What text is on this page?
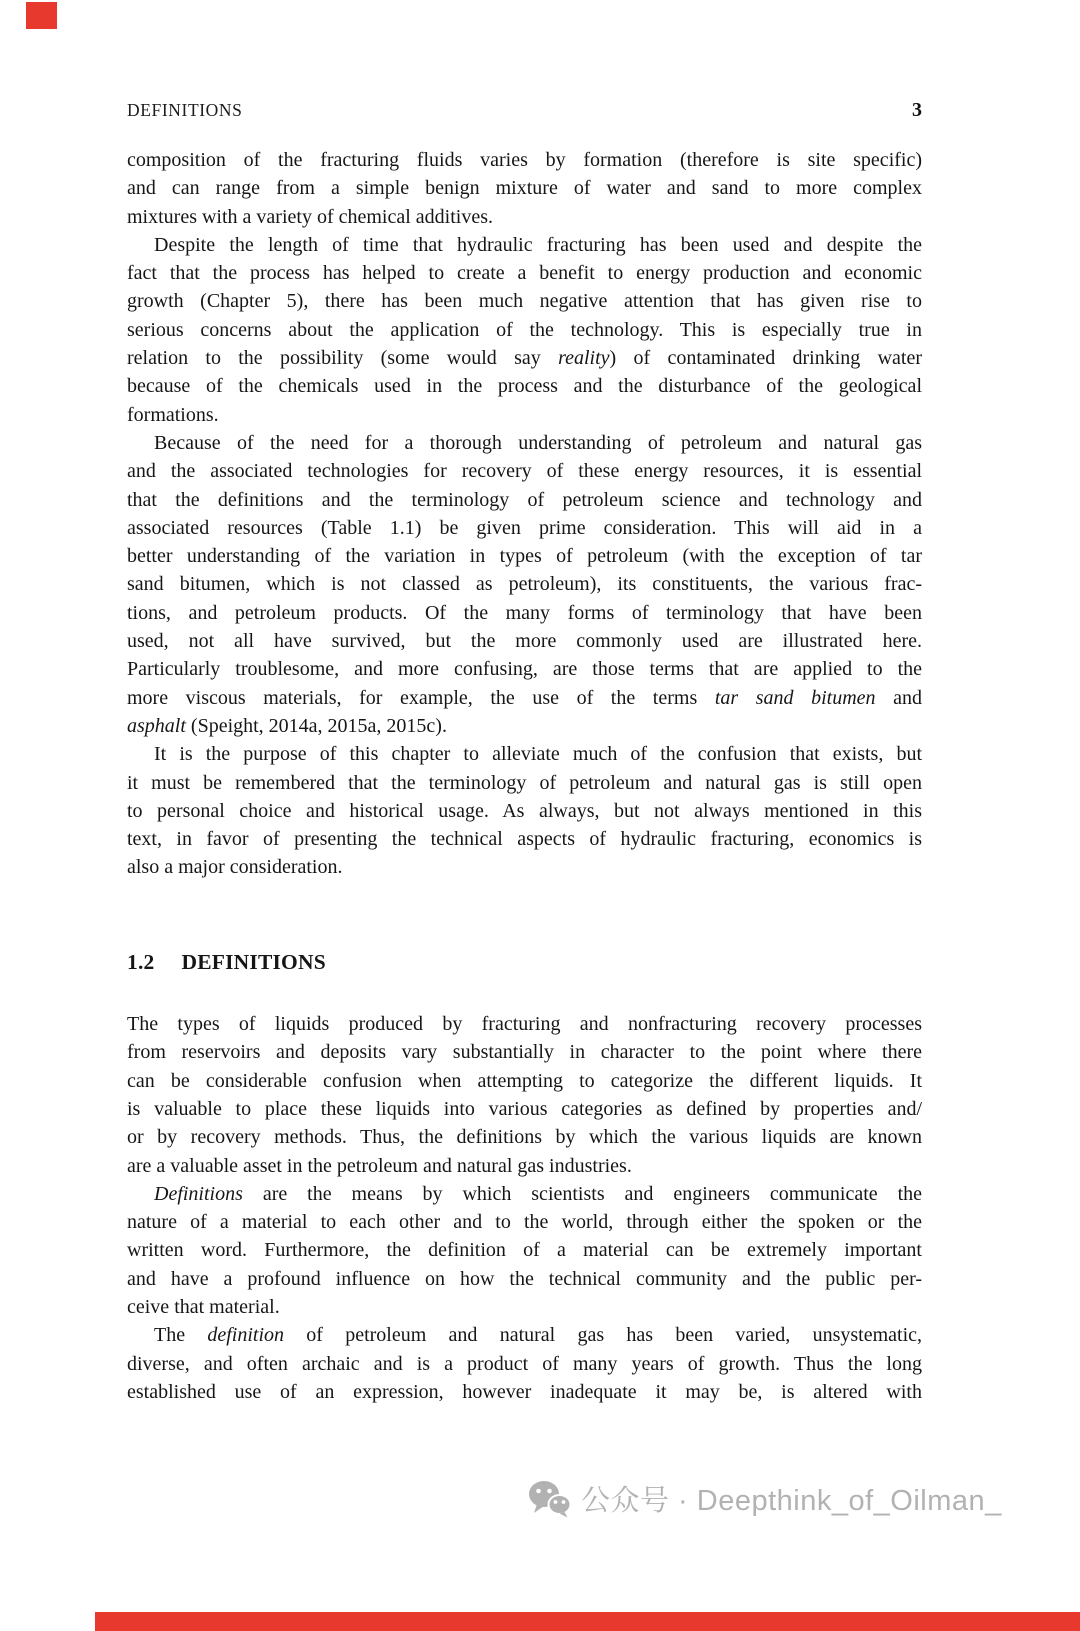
DEFINITIONS	3
composition of the fracturing fluids varies by formation (therefore is site specific)
and can range from a simple benign mixture of water and sand to more complex
mixtures with a variety of chemical additives.
Despite the length of time that hydraulic fracturing has been used and despite the
fact that the process has helped to create a benefit to energy production and economic
growth (Chapter 5), there has been much negative attention that has given rise to
serious concerns about the application of the technology. This is especially true in
relation to the possibility (some would say reality) of contaminated drinking water
because of the chemicals used in the process and the disturbance of the geological
formations.
Because of the need for a thorough understanding of petroleum and natural gas
and the associated technologies for recovery of these energy resources, it is essential
that the definitions and the terminology of petroleum science and technology and
associated resources (Table 1.1) be given prime consideration. This will aid in a
better understanding of the variation in types of petroleum (with the exception of tar
sand bitumen, which is not classed as petroleum), its constituents, the various frac-
tions, and petroleum products. Of the many forms of terminology that have been
used, not all have survived, but the more commonly used are illustrated here.
Particularly troublesome, and more confusing, are those terms that are applied to the
more viscous materials, for example, the use of the terms tar sand bitumen and
asphalt (Speight, 2014a, 2015a, 2015c).
It is the purpose of this chapter to alleviate much of the confusion that exists, but
it must be remembered that the terminology of petroleum and natural gas is still open
to personal choice and historical usage. As always, but not always mentioned in this
text, in favor of presenting the technical aspects of hydraulic fracturing, economics is
also a major consideration.
1.2 DEFINITIONS
The types of liquids produced by fracturing and nonfracturing recovery processes
from reservoirs and deposits vary substantially in character to the point where there
can be considerable confusion when attempting to categorize the different liquids. It
is valuable to place these liquids into various categories as defined by properties and/
or by recovery methods. Thus, the definitions by which the various liquids are known
are a valuable asset in the petroleum and natural gas industries.
Definitions are the means by which scientists and engineers communicate the
nature of a material to each other and to the world, through either the spoken or the
written word. Furthermore, the definition of a material can be extremely important
and have a profound influence on how the technical community and the public per-
ceive that material.
The definition of petroleum and natural gas has been varied, unsystematic,
diverse, and often archaic and is a product of many years of growth. Thus the long
established use of an expression, however inadequate it may be, is altered with
公众号 · Deepthink_of_Oilman_
